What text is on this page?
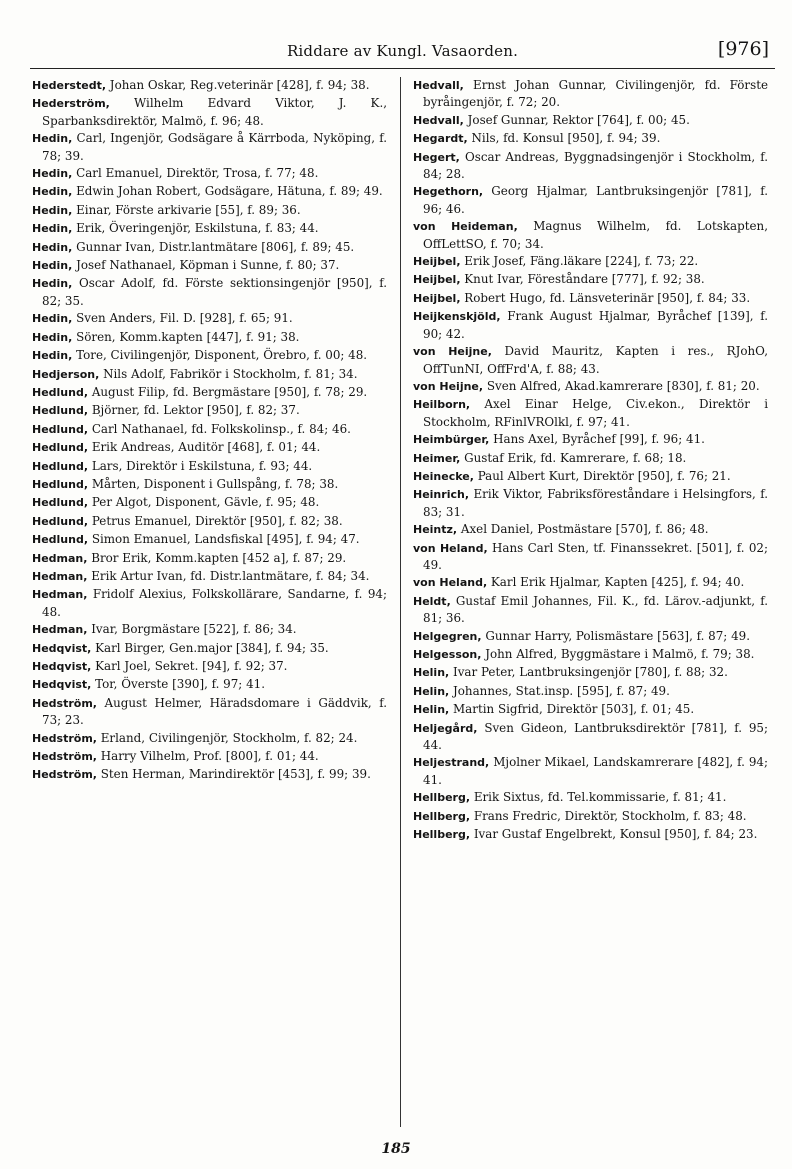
Riddare av Kungl. Vasaorden.	[976]

Hederstedt, Johan Oskar, Reg.veterinär [428], f. 94; 38.

Hederström, Wilhelm Edvard Viktor, J. K., Sparbanksdirektör, Malmö, f. 96; 48.

Hedin, Carl, Ingenjör, Godsägare å Kärrboda, Nyköping, f. 78; 39.

Hedin, Carl Emanuel, Direktör, Trosa, f. 77; 48.

Hedin, Edwin Johan Robert, Godsägare, Hätuna, f. 89; 49.

Hedin, Einar, Förste arkivarie [55], f. 89; 36.

Hedin, Erik, Överingenjör, Eskilstuna, f. 83; 44.

Hedin, Gunnar Ivan, Distr.lantmätare [806], f. 89; 45.

Hedin, Josef Nathanael, Köpman i Sunne, f. 80; 37.

Hedin, Oscar Adolf, fd. Förste sektionsingenjör [950], f. 82; 35.

Hedin, Sven Anders, Fil. D. [928], f. 65; 91.

Hedin, Sören, Komm.kapten [447], f. 91; 38.

Hedin, Tore, Civilingenjör, Disponent, Örebro, f. 00; 48.

Hedjerson, Nils Adolf, Fabrikör i Stockholm, f. 81; 34.

Hedlund, August Filip, fd. Bergmästare [950], f. 78; 29.

Hedlund, Björner, fd. Lektor [950], f. 82; 37.

Hedlund, Carl Nathanael, fd. Folkskolinsp., f. 84; 46.

Hedlund, Erik Andreas, Auditör [468], f. 01; 44.

Hedlund, Lars, Direktör i Eskilstuna, f. 93; 44.

Hedlund, Mårten, Disponent i Gullspång, f. 78; 38.

Hedlund, Per Algot, Disponent, Gävle, f. 95; 48.

Hedlund, Petrus Emanuel, Direktör [950], f. 82; 38.

Hedlund, Simon Emanuel, Landsfiskal [495], f. 94; 47.

Hedman, Bror Erik, Komm.kapten [452 a], f. 87; 29.

Hedman, Erik Artur Ivan, fd. Distr.lantmätare, f. 84; 34.

Hedman, Fridolf Alexius, Folkskollärare, Sandarne, f. 94; 48.

Hedman, Ivar, Borgmästare [522], f. 86; 34.

Hedqvist, Karl Birger, Gen.major [384], f. 94; 35.

Hedqvist, Karl Joel, Sekret. [94], f. 92; 37.

Hedqvist, Tor, Överste [390], f. 97; 41.

Hedström, August Helmer, Häradsdomare i Gäddvik, f. 73; 23.

Hedström, Erland, Civilingenjör, Stockholm, f. 82; 24.

Hedström, Harry Vilhelm, Prof. [800], f. 01; 44.

Hedström, Sten Herman, Marindirektör [453], f. 99; 39.

Hedvall, Ernst Johan Gunnar, Civilingenjör, fd. Förste byråingenjör, f. 72; 20.

Hedvall, Josef Gunnar, Rektor [764], f. 00; 45.

Hegardt, Nils, fd. Konsul [950], f. 94; 39.

Hegert, Oscar Andreas, Byggnadsingenjör i Stockholm, f. 84; 28.

Hegethorn, Georg Hjalmar, Lantbruksingenjör [781], f. 96; 46.

von Heideman, Magnus Wilhelm, fd. Lotskapten, OffLettSO, f. 70; 34.

Heijbel, Erik Josef, Fäng.läkare [224], f. 73; 22.

Heijbel, Knut Ivar, Föreståndare [777], f. 92; 38.

Heijbel, Robert Hugo, fd. Länsveterinär [950], f. 84; 33.

Heijkenskjöld, Frank August Hjalmar, Byråchef [139], f. 90; 42.

von Heijne, David Mauritz, Kapten i res., RJohO, OffTunNI, OffFrd'A, f. 88; 43.

von Heijne, Sven Alfred, Akad.kamrerare [830], f. 81; 20.

Heilborn, Axel Einar Helge, Civ.ekon., Direktör i Stockholm, RFinlVROlkl, f. 97; 41.

Heimbürger, Hans Axel, Byråchef [99], f. 96; 41.

Heimer, Gustaf Erik, fd. Kamrerare, f. 68; 18.

Heinecke, Paul Albert Kurt, Direktör [950], f. 76; 21.

Heinrich, Erik Viktor, Fabriksföreståndare i Helsingfors, f. 83; 31.

Heintz, Axel Daniel, Postmästare [570], f. 86; 48.

von Heland, Hans Carl Sten, tf. Finanssekret. [501], f. 02; 49.

von Heland, Karl Erik Hjalmar, Kapten [425], f. 94; 40.

Heldt, Gustaf Emil Johannes, Fil. K., fd. Lärov.-adjunkt, f. 81; 36.

Helgegren, Gunnar Harry, Polismästare [563], f. 87; 49.

Helgesson, John Alfred, Byggmästare i Malmö, f. 79; 38.

Helin, Ivar Peter, Lantbruksingenjör [780], f. 88; 32.

Helin, Johannes, Stat.insp. [595], f. 87; 49.

Helin, Martin Sigfrid, Direktör [503], f. 01; 45.

Heljegård, Sven Gideon, Lantbruksdirektör [781], f. 95; 44.

Heljestrand, Mjolner Mikael, Landskamrerare [482], f. 94; 41.

Hellberg, Erik Sixtus, fd. Tel.kommissarie, f. 81; 41.

Hellberg, Frans Fredric, Direktör, Stockholm, f. 83; 48.

Hellberg, Ivar Gustaf Engelbrekt, Konsul [950], f. 84; 23.

185
